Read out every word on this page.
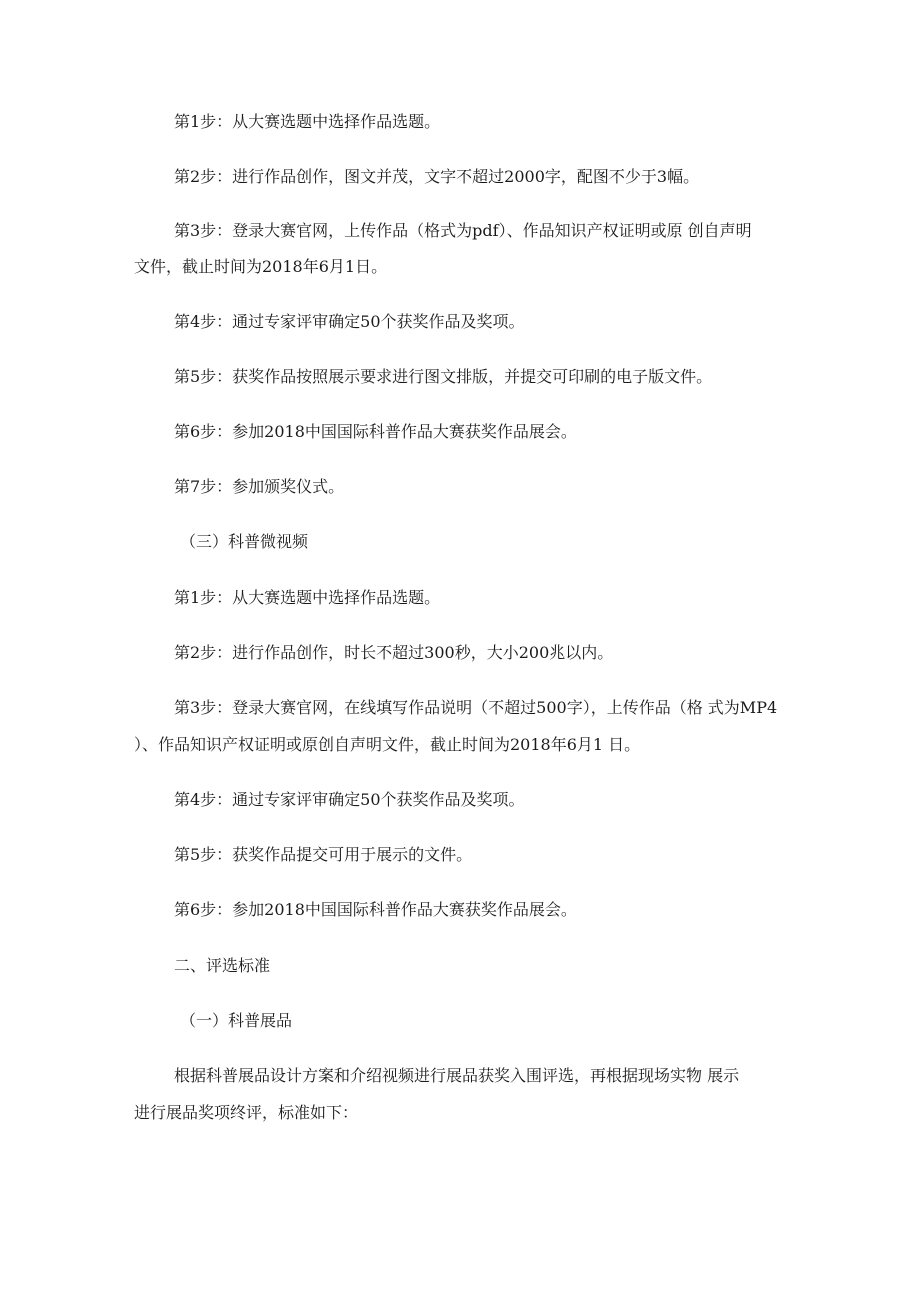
第1步：从大赛选题中选择作品选题。

第2步：进行作品创作，图文并茂，文字不超过2000字，配图不少于3幅。

第3步：登录大赛官网，上传作品（格式为pdf）、作品知识产权证明或原 创自声明

文件，截止时间为2018年6月1日。

第4步：通过专家评审确定50个获奖作品及奖项。

第5步：获奖作品按照展示要求进行图文排版，并提交可印刷的电子版文件。

第6步：参加2018中国国际科普作品大赛获奖作品展会。

第7步：参加颁奖仪式。

（三）科普微视频

第1步：从大赛选题中选择作品选题。

第2步：进行作品创作，时长不超过300秒，大小200兆以内。

第3步：登录大赛官网，在线填写作品说明（不超过500字），上传作品（格 式为MP4

）、作品知识产权证明或原创自声明文件，截止时间为2018年6月1 日。

第4步：通过专家评审确定50个获奖作品及奖项。

第5步：获奖作品提交可用于展示的文件。

第6步：参加2018中国国际科普作品大赛获奖作品展会。

二、评选标准

（一）科普展品

根据科普展品设计方案和介绍视频进行展品获奖入围评选，再根据现场实物 展示

进行展品奖项终评，标准如下：
